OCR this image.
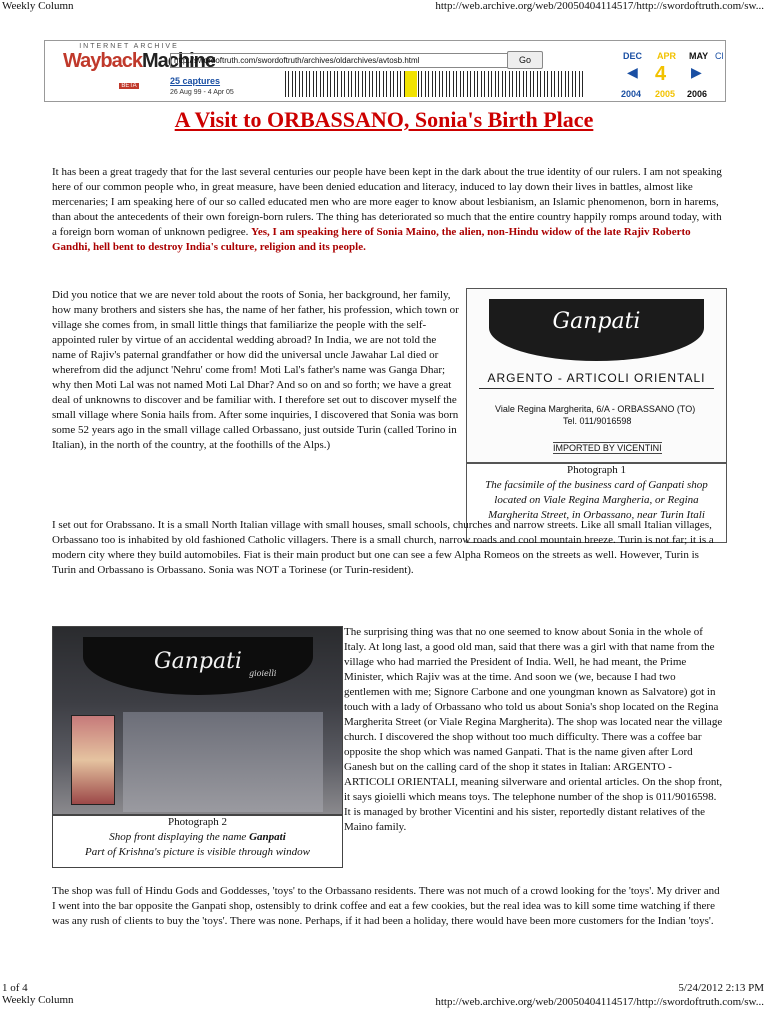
Weekly Column	http://web.archive.org/web/20050404114517/http://swordoftruth.com/sw...
INTERNET ARCHIVE
WaybackMachine
BETA
http://swordoftruth.com/swordoftruth/archives/oldarchives/avtosb.html	Go
25 captures
26 Aug 99 - 4 Apr 05
DEC APR MAY
◀ 4 ▶
2004 2005 2006
Cl
A Visit to ORBASSANO, Sonia's Birth Place
It has been a great tragedy that for the last several centuries our people have been kept in the dark about the true identity of our rulers. I am not speaking here of our common people who, in great measure, have been denied education and literacy, induced to lay down their lives in battles, almost like mercenaries; I am speaking here of our so called educated men who are more eager to know about lesbianism, an Islamic phenomenon, born in harems, than about the antecedents of their own foreign-born rulers. The thing has deteriorated so much that the entire country happily romps around today, with a foreign born woman of unknown pedigree. Yes, I am speaking here of Sonia Maino, the alien, non-Hindu widow of the late Rajiv Roberto Gandhi, hell bent to destroy India's culture, religion and its people.
Did you notice that we are never told about the roots of Sonia, her background, her family, how many brothers and sisters she has, the name of her father, his profession, which town or village she comes from, in small little things that familiarize the people with the self-appointed ruler by virtue of an accidental wedding abroad? In India, we are not told the name of Rajiv's paternal grandfather or how did the universal uncle Jawahar Lal died or wherefrom did the adjunct 'Nehru' come from! Moti Lal's father's name was Ganga Dhar; why then Moti Lal was not named Moti Lal Dhar? And so on and so forth; we have a great deal of unknowns to discover and be familiar with. I therefore set out to discover myself the small village where Sonia hails from. After some inquiries, I discovered that Sonia was born some 52 years ago in the small village called Orbassano, just outside Turin (called Torino in Italian), in the north of the country, at the foothills of the Alps.)
Ganpati
ARGENTO - ARTICOLI ORIENTALI
Viale Regina Margherita, 6/A - ORBASSANO (TO)
Tel. 011/9016598
IMPORTED BY VICENTINI
Photograph 1
The facsimile of the business card of Ganpati shop located on Viale Regina Margheria, or Regina Margherita Street, in Orbassano, near Turin Itali
I set out for Orabssano. It is a small North Italian village with small houses, small schools, churches and narrow streets. Like all small Italian villages, Orbassano too is inhabited by old fashioned Catholic villagers. There is a small church, narrow roads and cool mountain breeze. Turin is not far; it is a modern city where they build automobiles. Fiat is their main product but one can see a few Alpha Romeos on the streets as well. However, Turin is Turin and Orbassano is Orbassano. Sonia was NOT a Torinese (or Turin-resident).
Ganpati gioielli
Photograph 2
Shop front displaying the name Ganpati
Part of Krishna's picture is visible through window
The surprising thing was that no one seemed to know about Sonia in the whole of Italy. At long last, a good old man, said that there was a girl with that name from the village who had married the President of India. Well, he had meant, the Prime Minister, which Rajiv was at the time. And soon we (we, because I had two gentlemen with me; Signore Carbone and one youngman known as Salvatore) got in touch with a lady of Orbassano who told us about Sonia's shop located on the Regina Margherita Street (or Viale Regina Margherita). The shop was located near the village church. I discovered the shop without too much difficulty. There was a coffee bar opposite the shop which was named Ganpati. That is the name given after Lord Ganesh but on the calling card of the shop it states in Italian: ARGENTO - ARTICOLI ORIENTALI, meaning silverware and oriental articles. On the shop front, it says gioielli which means toys. The telephone number of the shop is 011/9016598. It is managed by brother Vicentini and his sister, reportedly distant relatives of the Maino family.
The shop was full of Hindu Gods and Goddesses, 'toys' to the Orbassano residents. There was not much of a crowd looking for the 'toys'. My driver and I went into the bar opposite the Ganpati shop, ostensibly to drink coffee and eat a few cookies, but the real idea was to kill some time watching if there was any rush of clients to buy the 'toys'. There was none. Perhaps, if it had been a holiday, there would have been more customers for the Indian 'toys'.
1 of 4	5/24/2012 2:13 PM
Weekly Column	http://web.archive.org/web/20050404114517/http://swordoftruth.com/sw...
